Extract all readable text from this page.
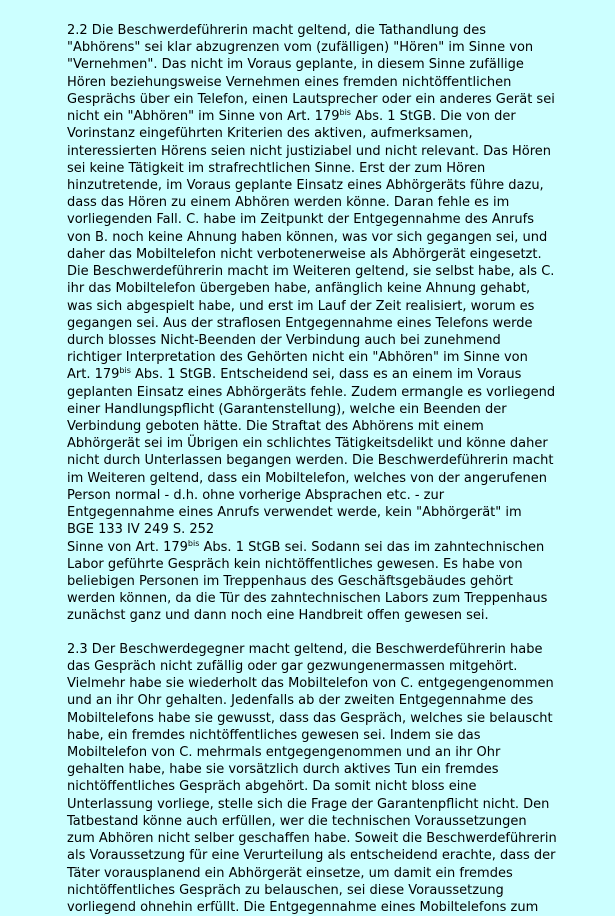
2.2 Die Beschwerdeführerin macht geltend, die Tathandlung des
"Abhörens" sei klar abzugrenzen vom (zufälligen) "Hören" im Sinne von
"Vernehmen". Das nicht im Voraus geplante, in diesem Sinne zufällige
Hören beziehungsweise Vernehmen eines fremden nichtöffentlichen
Gesprächs über ein Telefon, einen Lautsprecher oder ein anderes Gerät sei
nicht ein "Abhören" im Sinne von Art. $179^{bis}$ Abs. 1 StGB. Die von der
Vorinstanz eingeführten Kriterien des aktiven, aufmerksamen,
interessierten Hörens seien nicht justiziabel und nicht relevant. Das Hören
sei keine Tätigkeit im strafrechtlichen Sinne. Erst der zum Hören
hinzutretende, im Voraus geplante Einsatz eines Abhörgeräts führe dazu,
dass das Hören zu einem Abhören werden könne. Daran fehle es im
vorliegenden Fall. C. habe im Zeitpunkt der Entgegennahme des Anrufs
von B. noch keine Ahnung haben können, was vor sich gegangen sei, und
daher das Mobiltelefon nicht verbotenerweise als Abhörgerät eingesetzt.
Die Beschwerdeführerin macht im Weiteren geltend, sie selbst habe, als C.
ihr das Mobiltelefon übergeben habe, anfänglich keine Ahnung gehabt,
was sich abgespielt habe, und erst im Lauf der Zeit realisiert, worum es
gegangen sei. Aus der straflosen Entgegennahme eines Telefons werde
durch blosses Nicht-Beenden der Verbindung auch bei zunehmend
richtiger Interpretation des Gehörten nicht ein "Abhören" im Sinne von
Art. $179^{bis}$ Abs. 1 StGB. Entscheidend sei, dass es an einem im Voraus
geplanten Einsatz eines Abhörgeräts fehle. Zudem ermangle es vorliegend
einer Handlungspflicht (Garantenstellung), welche ein Beenden der
Verbindung geboten hätte. Die Straftat des Abhörens mit einem
Abhörgerät sei im Übrigen ein schlichtes Tätigkeitsdelikt und könne daher
nicht durch Unterlassen begangen werden. Die Beschwerdeführerin macht
im Weiteren geltend, dass ein Mobiltelefon, welches von der angerufenen
Person normal - d.h. ohne vorherige Absprachen etc. - zur
Entgegennahme eines Anrufs verwendet werde, kein "Abhörgerät" im
BGE 133 IV 249 S. 252
Sinne von Art. $179^{bis}$ Abs. 1 StGB sei. Sodann sei das im zahntechnischen
Labor geführte Gespräch kein nichtöffentliches gewesen. Es habe von
beliebigen Personen im Treppenhaus des Geschäftsgebäudes gehört
werden können, da die Tür des zahntechnischen Labors zum Treppenhaus
zunächst ganz und dann noch eine Handbreit offen gewesen sei.
2.3 Der Beschwerdegegner macht geltend, die Beschwerdeführerin habe
das Gespräch nicht zufällig oder gar gezwungenermassen mitgehört.
Vielmehr habe sie wiederholt das Mobiltelefon von C. entgegengenommen
und an ihr Ohr gehalten. Jedenfalls ab der zweiten Entgegennahme des
Mobiltelefons habe sie gewusst, dass das Gespräch, welches sie belauscht
habe, ein fremdes nichtöffentliches gewesen sei. Indem sie das
Mobiltelefon von C. mehrmals entgegengenommen und an ihr Ohr
gehalten habe, habe sie vorsätzlich durch aktives Tun ein fremdes
nichtöffentliches Gespräch abgehört. Da somit nicht bloss eine
Unterlassung vorliege, stelle sich die Frage der Garantenpflicht nicht. Den
Tatbestand könne auch erfüllen, wer die technischen Voraussetzungen
zum Abhören nicht selber geschaffen habe. Soweit die Beschwerdeführerin
als Voraussetzung für eine Verurteilung als entscheidend erachte, dass der
Täter vorausplanend ein Abhörgerät einsetze, um damit ein fremdes
nichtöffentliches Gespräch zu belauschen, sei diese Voraussetzung
vorliegend ohnehin erfüllt. Die Entgegennahme eines Mobiltelefons zum
